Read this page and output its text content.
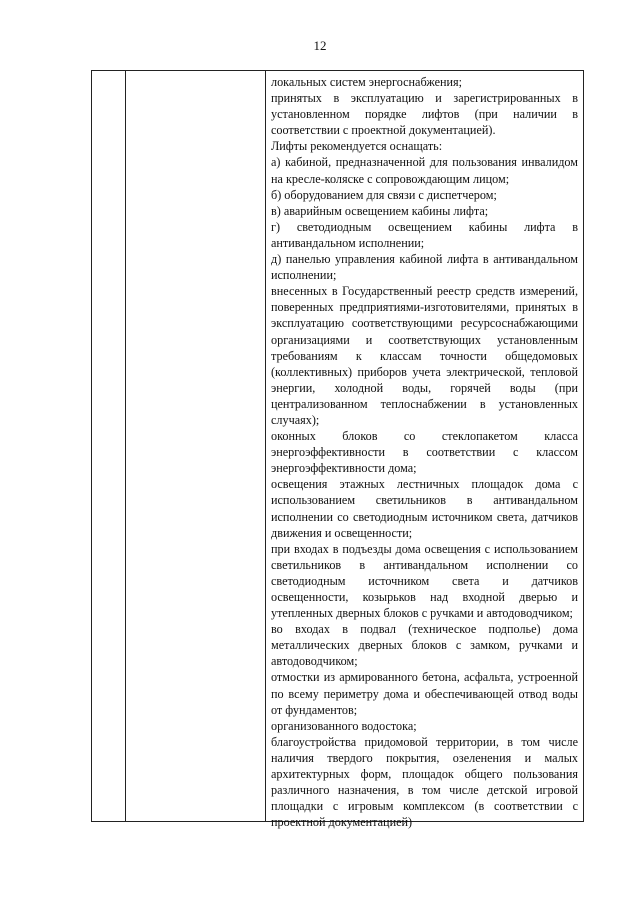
12

локальных систем энергоснабжения;

принятых в эксплуатацию и зарегистрированных в установленном порядке лифтов (при наличии в соответствии с проектной документацией).

Лифты рекомендуется оснащать:

а) кабиной, предназначенной для пользования инвалидом на кресле-коляске с сопровождающим лицом;

б) оборудованием для связи с диспетчером;

в) аварийным освещением кабины лифта;

г) светодиодным освещением кабины лифта в антивандальном исполнении;

д) панелью управления кабиной лифта в антивандальном исполнении;

внесенных в Государственный реестр средств измерений, поверенных предприятиями-изготовителями, принятых в эксплуатацию соответствующими ресурсоснабжающими организациями и соответствующих установленным требованиям к классам точности общедомовых (коллективных) приборов учета электрической, тепловой энергии, холодной воды, горячей воды (при централизованном теплоснабжении в установленных случаях);

оконных блоков со стеклопакетом класса энергоэффективности в соответствии с классом энергоэффективности дома;

освещения этажных лестничных площадок дома с использованием светильников в антивандальном исполнении со светодиодным источником света, датчиков движения и освещенности;

при входах в подъезды дома освещения с использованием светильников в антивандальном исполнении со светодиодным источником света и датчиков освещенности, козырьков над входной дверью и утепленных дверных блоков с ручками и автодоводчиком;

во входах в подвал (техническое подполье) дома металлических дверных блоков с замком, ручками и автодоводчиком;

отмостки из армированного бетона, асфальта, устроенной по всему периметру дома и обеспечивающей отвод воды от фундаментов;

организованного водостока;

благоустройства придомовой территории, в том числе наличия твердого покрытия, озеленения и малых архитектурных форм, площадок общего пользования различного назначения, в том числе детской игровой площадки с игровым комплексом (в соответствии с проектной документацией)
